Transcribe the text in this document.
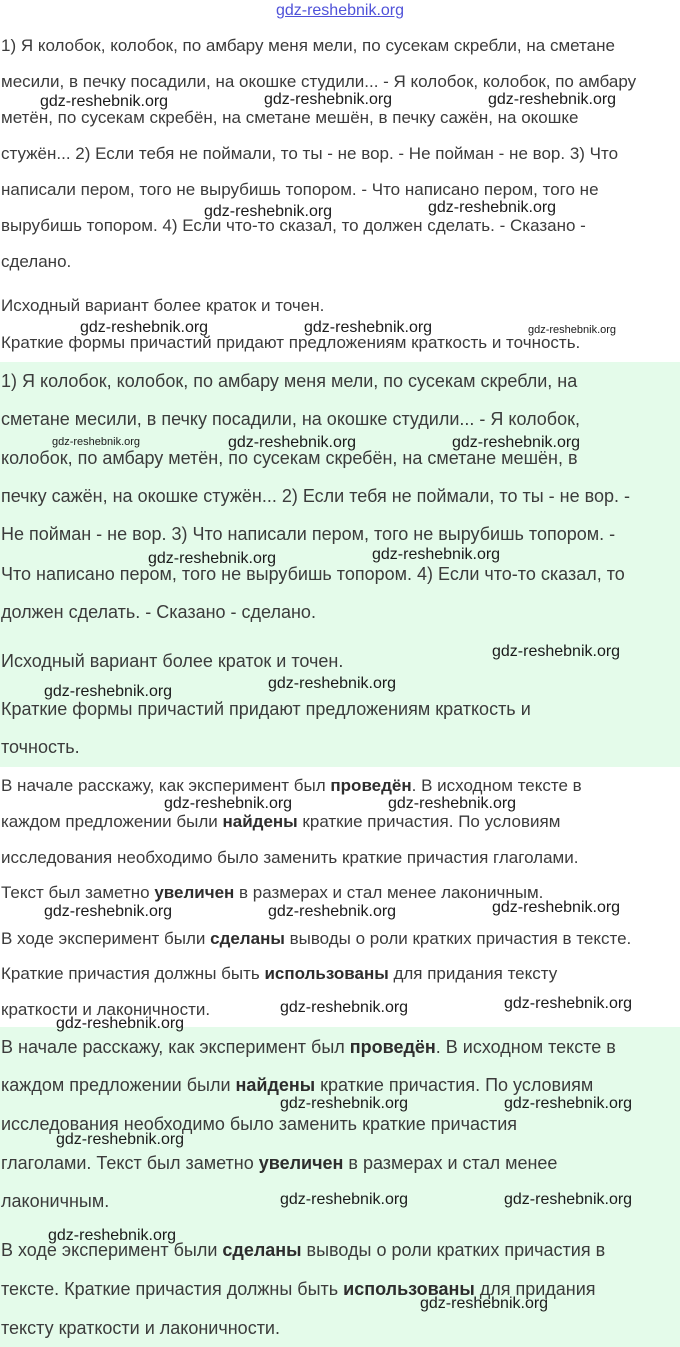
gdz-reshebnik.org
1) Я колобок, колобок, по амбару меня мели, по сусекам скребли, на сметане
месили, в печку посадили, на окошке студили... - Я колобок, колобок, по амбару
метён, по сусекам скребён, на сметане мешён, в печку сажён, на окошке
стужён... 2) Если тебя не поймали, то ты - не вор. - Не пойман - не вор. 3) Что
написали пером, того не вырубишь топором. - Что написано пером, того не
вырубишь топором. 4) Если что-то сказал, то должен сделать. - Сказано -
сделано.
Исходный вариант более краток и точен.
Краткие формы причастий придают предложениям краткость и точность.
1) Я колобок, колобок, по амбару меня мели, по сусекам скребли, на
сметане месили, в печку посадили, на окошке студили... - Я колобок,
колобок, по амбару метён, по сусекам скребён, на сметане мешён, в
печку сажён, на окошке стужён... 2) Если тебя не поймали, то ты - не вор. -
Не пойман - не вор. 3) Что написали пером, того не вырубишь топором. -
Что написано пером, того не вырубишь топором. 4) Если что-то сказал, то
должен сделать. - Сказано - сделано.
Исходный вариант более краток и точен.
Краткие формы причастий придают предложениям краткость и
точность.
В начале расскажу, как эксперимент был проведён. В исходном тексте в
каждом предложении были найдены краткие причастия. По условиям
исследования необходимо было заменить краткие причастия глаголами.
Текст был заметно увеличен в размерах и стал менее лаконичным.
В ходе эксперимент были сделаны выводы о роли кратких причастия в тексте.
Краткие причастия должны быть использованы для придания тексту
краткости и лаконичности.
В начале расскажу, как эксперимент был проведён. В исходном тексте в
каждом предложении были найдены краткие причастия. По условиям
исследования необходимо было заменить краткие причастия
глаголами. Текст был заметно увеличен в размерах и стал менее
лаконичным.
В ходе эксперимент были сделаны выводы о роли кратких причастия в
тексте. Краткие причастия должны быть использованы для придания
тексту краткости и лаконичности.
gdz-reshebnik.org	gdz-reshebnik.org	gdz-reshebnik.org
gdz-reshebnik.org	gdz-reshebnik.org
gdz-reshebnik.org	gdz-reshebnik.org	gdz-reshebnik.org
gdz-reshebnik.org	gdz-reshebnik.org	gdz-reshebnik.org
gdz-reshebnik.org	gdz-reshebnik.org
gdz-reshebnik.org
gdz-reshebnik.org	gdz-reshebnik.org
gdz-reshebnik.org	gdz-reshebnik.org
gdz-reshebnik.org	gdz-reshebnik.org	gdz-reshebnik.org
gdz-reshebnik.org	gdz-reshebnik.org
gdz-reshebnik.org
gdz-reshebnik.org	gdz-reshebnik.org
gdz-reshebnik.org
gdz-reshebnik.org	gdz-reshebnik.org
gdz-reshebnik.org
gdz-reshebnik.org
